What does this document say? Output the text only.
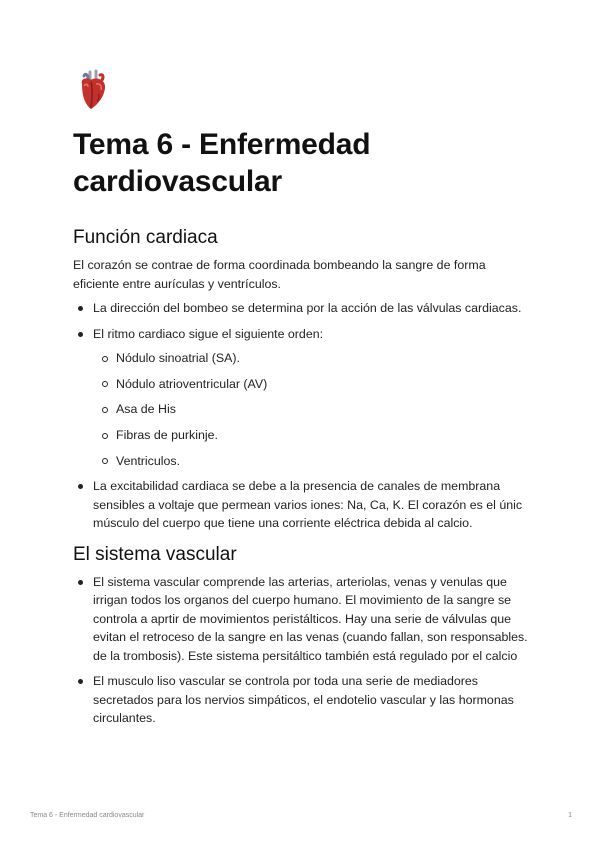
Tema 6 - Enfermedad cardiovascular
Función cardiaca

El corazón se contrae de forma coordinada bombeando la sangre de forma eficiente entre aurículas y ventrículos.

La dirección del bombeo se determina por la acción de las válvulas cardiacas.
El ritmo cardiaco sigue el siguiente orden:
Nódulo sinoatrial (SA).
Nódulo atrioventricular (AV)
Asa de His
Fibras de purkinje.
Ventriculos.
La excitabilidad cardiaca se debe a la presencia de canales de membrana sensibles a voltaje que permean varios iones: Na, Ca, K. El corazón es el únic músculo del cuerpo que tiene una corriente eléctrica debida al calcio.
El sistema vascular
El sistema vascular comprende las arterias, arteriolas, venas y venulas que irrigan todos los organos del cuerpo humano. El movimiento de la sangre se controla a aprtir de movimientos peristálticos. Hay una serie de válvulas que evitan el retroceso de la sangre en las venas (cuando fallan, son responsables. de la trombosis). Este sistema persitáltico también está regulado por el calcio
El musculo liso vascular se controla por toda una serie de mediadores secretados para los nervios simpáticos, el endotelio vascular y las hormonas circulantes.
Tema 6 - Enfermedad cardiovascular	1
